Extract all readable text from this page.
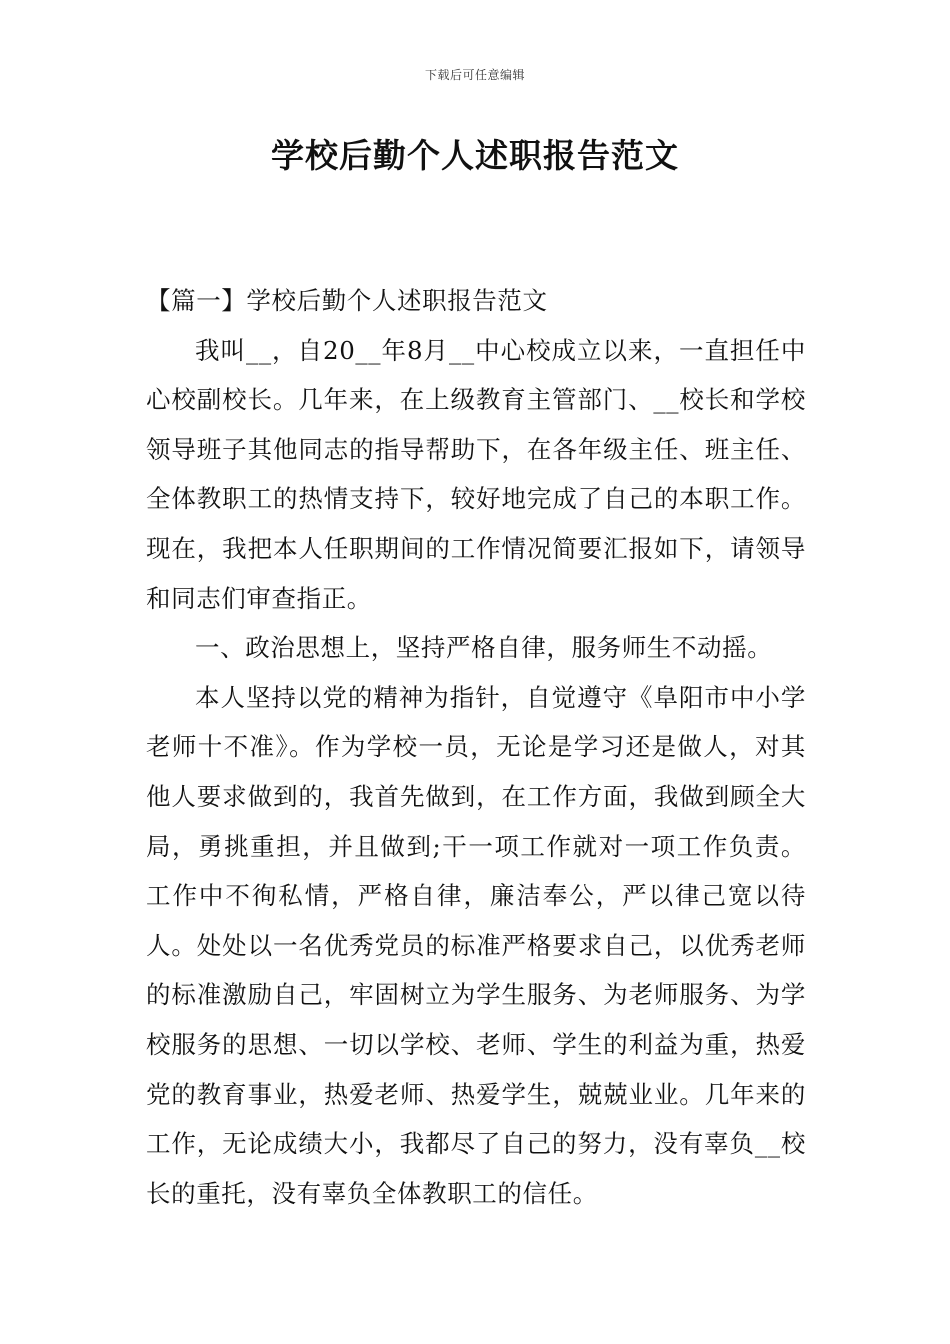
下载后可任意编辑
学校后勤个人述职报告范文

【篇一】学校后勤个人述职报告范文

我叫__，自20__年8月__中心校成立以来，一直担任中心校副校长。几年来，在上级教育主管部门、__校长和学校领导班子其他同志的指导帮助下，在各年级主任、班主任、全体教职工的热情支持下，较好地完成了自己的本职工作。现在，我把本人任职期间的工作情况简要汇报如下，请领导和同志们审查指正。

一、政治思想上，坚持严格自律，服务师生不动摇。

本人坚持以党的精神为指针，自觉遵守《阜阳市中小学老师十不准》。作为学校一员，无论是学习还是做人，对其他人要求做到的，我首先做到，在工作方面，我做到顾全大局，勇挑重担，并且做到;干一项工作就对一项工作负责。工作中不徇私情，严格自律，廉洁奉公，严以律己宽以待人。处处以一名优秀党员的标准严格要求自己，以优秀老师的标准激励自己，牢固树立为学生服务、为老师服务、为学校服务的思想、一切以学校、老师、学生的利益为重，热爱党的教育事业，热爱老师、热爱学生，兢兢业业。几年来的工作，无论成绩大小，我都尽了自己的努力，没有辜负__校长的重托，没有辜负全体教职工的信任。
